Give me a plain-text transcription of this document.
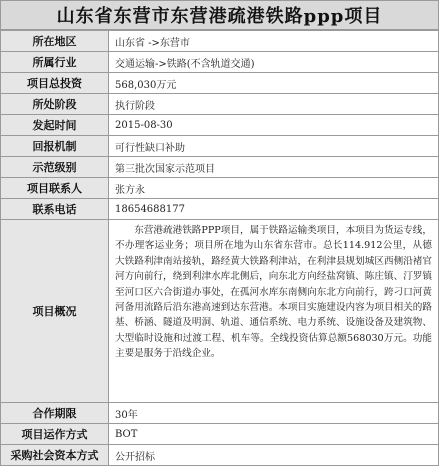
山东省东营市东营港疏港铁路ppp项目
所在地区	山东省 ->东营市
所属行业	交通运输->铁路(不含轨道交通)
项目总投资	568,030万元
所处阶段	执行阶段
发起时间	2015-08-30
回报机制	可行性缺口补助
示范级别	第三批次国家示范项目
项目联系人	张方永
联系电话	18654688177
项目概况	东营港疏港铁路PPP项目，属于铁路运输类项目，本项目为货运专线，不办理客运业务；项目所在地为山东省东营市。总长114.912公里，从德大铁路利津南站接轨，路经黄大铁路利津站，在利津县规划城区西侧沿褚官河方向前行，绕到利津水库北侧后，向东北方向经盐窝镇、陈庄镇、汀罗镇至河口区六合街道办事处，在孤河水库东南侧向东北方向前行，跨刁口河黄河备用流路后沿东港高速到达东营港。本项目实施建设内容为项目相关的路基、桥涵、隧道及明洞、轨道、通信系统、电力系统、设施设备及建筑物、大型临时设施和过渡工程、机车等。全线投资估算总额568030万元。功能主要是服务于沿线企业。
合作期限	30年
项目运作方式	BOT
采购社会资本方式	公开招标
